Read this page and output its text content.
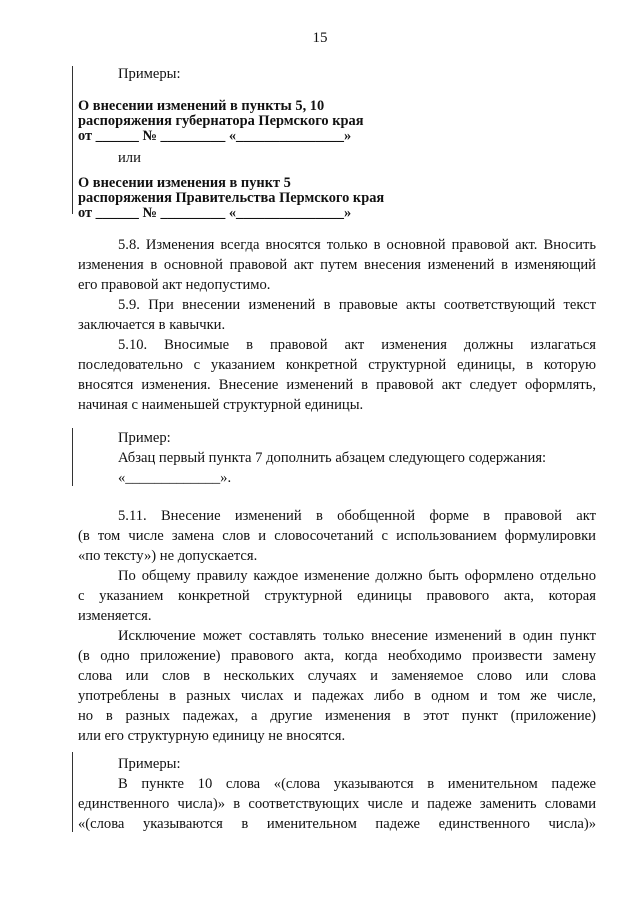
15
Примеры:
О внесении изменений в пункты 5, 10
распоряжения губернатора Пермского края
от ______ № _________ «_______________»
или
О внесении изменения в пункт 5
распоряжения Правительства Пермского края
от ______ № _________ «_______________»
5.8. Изменения всегда вносятся только в основной правовой акт. Вносить
изменения в основной правовой акт путем внесения изменений в изменяющий
его правовой акт недопустимо.
5.9. При внесении изменений в правовые акты соответствующий текст
заключается в кавычки.
5.10. Вносимые в правовой акт изменения должны излагаться
последовательно с указанием конкретной структурной единицы, в которую
вносятся изменения. Внесение изменений в правовой акт следует оформлять,
начиная с наименьшей структурной единицы.
Пример:
Абзац первый пункта 7 дополнить абзацем следующего содержания:
«_____________».
5.11. Внесение изменений в обобщенной форме в правовой акт
(в том числе замена слов и словосочетаний с использованием формулировки
«по тексту») не допускается.
По общему правилу каждое изменение должно быть оформлено отдельно
с указанием конкретной структурной единицы правового акта, которая
изменяется.
Исключение может составлять только внесение изменений в один пункт
(в одно приложение) правового акта, когда необходимо произвести замену
слова или слов в нескольких случаях и заменяемое слово или слова
употреблены в разных числах и падежах либо в одном и том же числе,
но в разных падежах, а другие изменения в этот пункт (приложение)
или его структурную единицу не вносятся.
Примеры:
В пункте 10 слова «(слова указываются в именительном падеже
единственного числа)» в соответствующих числе и падеже заменить словами
«(слова указываются в именительном падеже единственного числа)»
